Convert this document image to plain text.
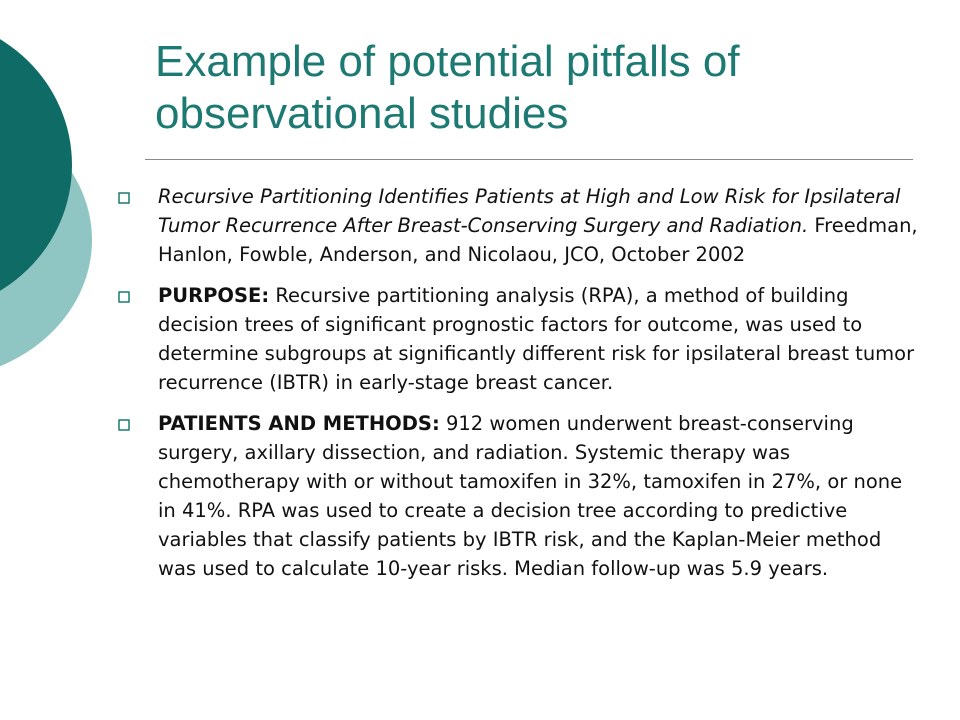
Example of potential pitfalls of observational studies
Recursive Partitioning Identifies Patients at High and Low Risk for Ipsilateral Tumor Recurrence After Breast-Conserving Surgery and Radiation. Freedman, Hanlon, Fowble, Anderson, and Nicolaou, JCO, October 2002
PURPOSE: Recursive partitioning analysis (RPA), a method of building decision trees of significant prognostic factors for outcome, was used to determine subgroups at significantly different risk for ipsilateral breast tumor recurrence (IBTR) in early-stage breast cancer.
PATIENTS AND METHODS: 912 women underwent breast-conserving surgery, axillary dissection, and radiation. Systemic therapy was chemotherapy with or without tamoxifen in 32%, tamoxifen in 27%, or none in 41%. RPA was used to create a decision tree according to predictive variables that classify patients by IBTR risk, and the Kaplan-Meier method was used to calculate 10-year risks. Median follow-up was 5.9 years.
